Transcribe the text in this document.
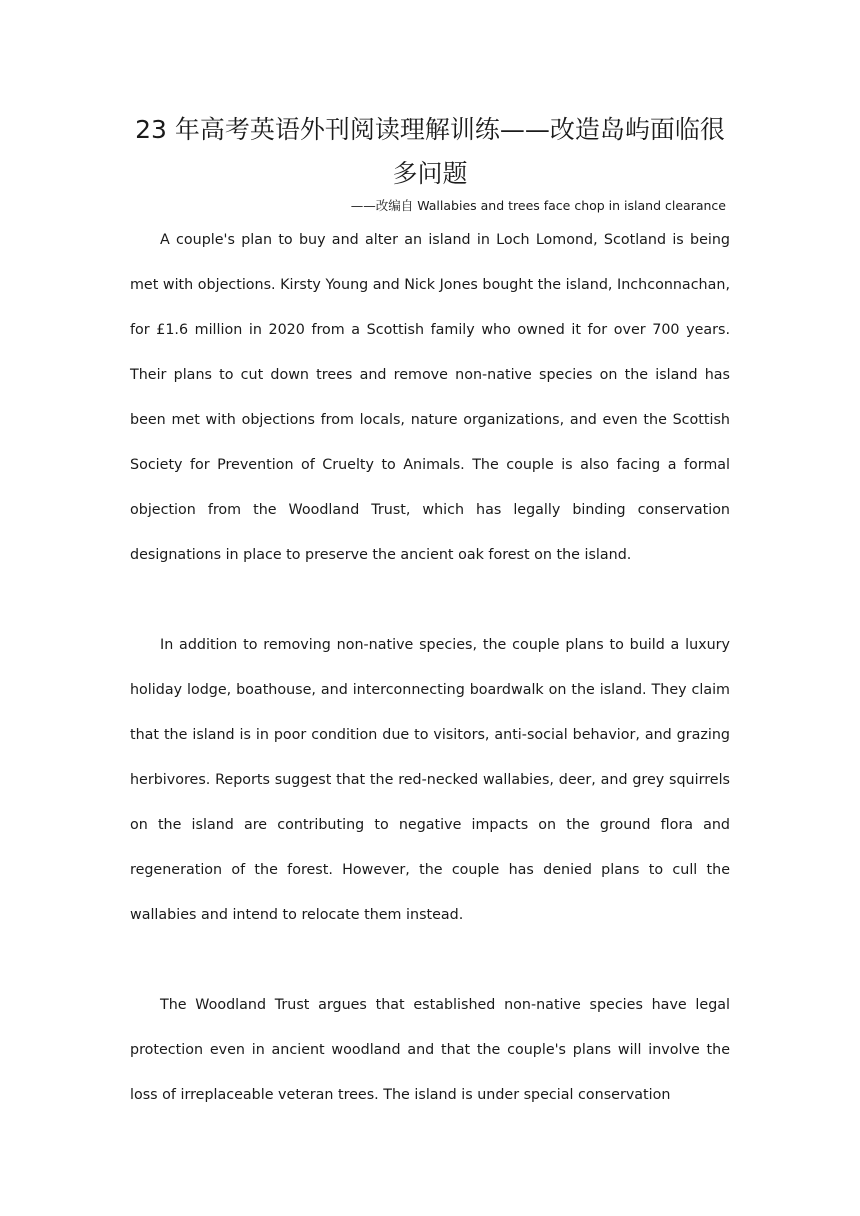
23 年高考英语外刊阅读理解训练——改造岛屿面临很多问题

——改编自 Wallabies and trees face chop in island clearance

A couple's plan to buy and alter an island in Loch Lomond, Scotland is being met with objections. Kirsty Young and Nick Jones bought the island, Inchconnachan, for £1.6 million in 2020 from a Scottish family who owned it for over 700 years. Their plans to cut down trees and remove non-native species on the island has been met with objections from locals, nature organizations, and even the Scottish Society for Prevention of Cruelty to Animals. The couple is also facing a formal objection from the Woodland Trust, which has legally binding conservation designations in place to preserve the ancient oak forest on the island.

In addition to removing non-native species, the couple plans to build a luxury holiday lodge, boathouse, and interconnecting boardwalk on the island. They claim that the island is in poor condition due to visitors, anti-social behavior, and grazing herbivores. Reports suggest that the red-necked wallabies, deer, and grey squirrels on the island are contributing to negative impacts on the ground flora and regeneration of the forest. However, the couple has denied plans to cull the wallabies and intend to relocate them instead.

The Woodland Trust argues that established non-native species have legal protection even in ancient woodland and that the couple's plans will involve the loss of irreplaceable veteran trees. The island is under special conservation
